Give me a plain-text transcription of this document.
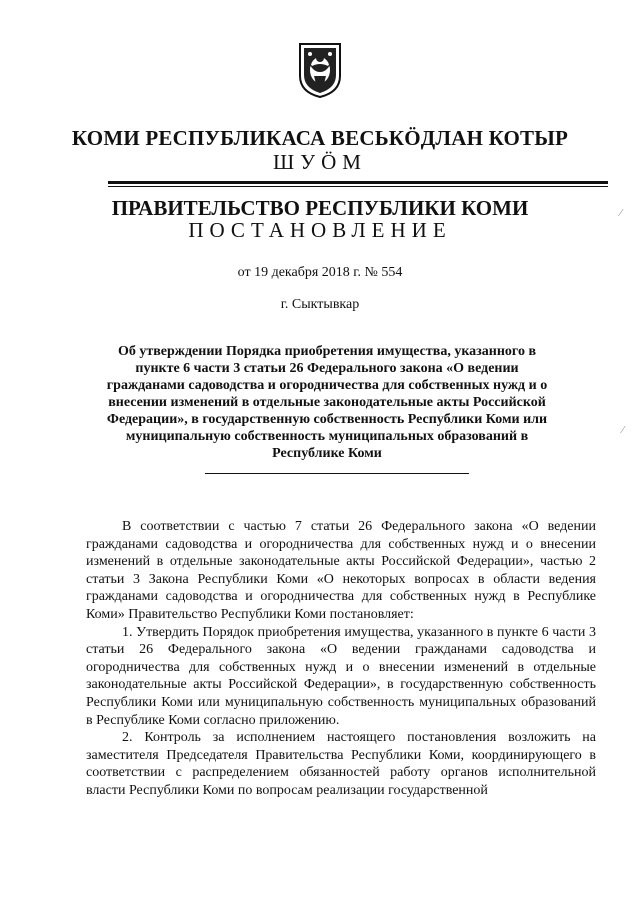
КОМИ РЕСПУБЛИКАСА ВЕСЬКÖДЛАН КОТЫР
ШУÖМ
ПРАВИТЕЛЬСТВО РЕСПУБЛИКИ КОМИ
ПОСТАНОВЛЕНИЕ
от 19 декабря 2018 г. № 554
г. Сыктывкар
Об утверждении Порядка приобретения имущества, указанного в пункте 6 части 3 статьи 26 Федерального закона «О ведении гражданами садоводства и огородничества для собственных нужд и о внесении изменений в отдельные законодательные акты Российской Федерации», в государственную собственность Республики Коми или муниципальную собственность муниципальных образований в Республике Коми

В соответствии с частью 7 статьи 26 Федерального закона «О ведении гражданами садоводства и огородничества для собственных нужд и о внесении изменений в отдельные законодательные акты Российской Федерации», частью 2 статьи 3 Закона Республики Коми «О некоторых вопросах в области ведения гражданами садоводства и огородничества для собственных нужд в Республике Коми» Правительство Республики Коми постановляет:

1. Утвердить Порядок приобретения имущества, указанного в пункте 6 части 3 статьи 26 Федерального закона «О ведении гражданами садоводства и огородничества для собственных нужд и о внесении изменений в отдельные законодательные акты Российской Федерации», в государственную собственность Республики Коми или муниципальную собственность муниципальных образований в Республике Коми согласно приложению.

2. Контроль за исполнением настоящего постановления возложить на заместителя Председателя Правительства Республики Коми, координирующего в соответствии с распределением обязанностей работу органов исполнительной власти Республики Коми по вопросам реализации государственной

⁄
⁄
